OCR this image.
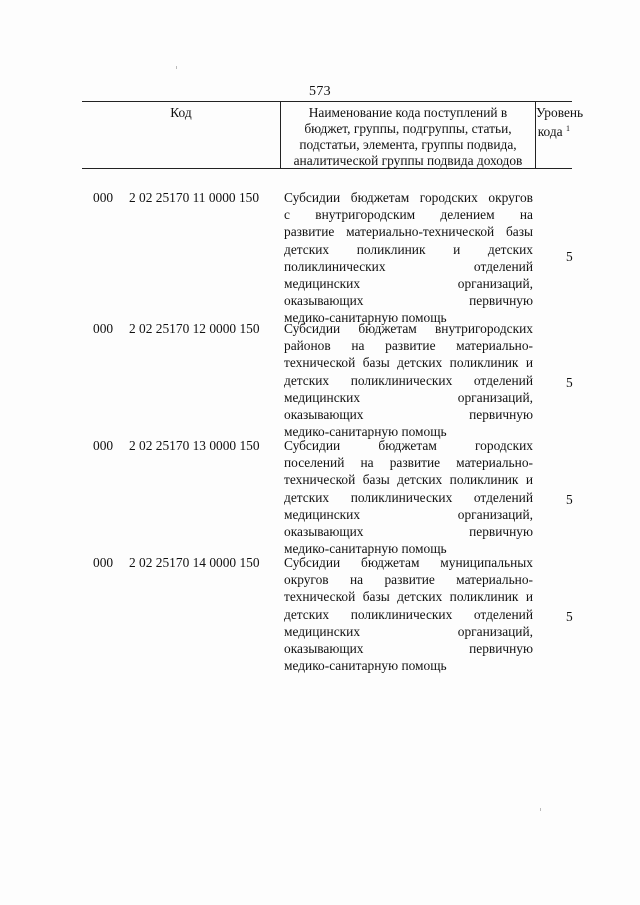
573
Код	Наименование кода поступлений в
бюджет, группы, подгруппы, статьи,
подстатьи, элемента, группы подвида,
аналитической группы подвида доходов
Уровень
кода $^1$
000 2 02 25170 11 0000 150 Субсидии бюджетам городских округов
с внутригородским делением на
развитие материально-технической базы
детских поликлиник и детских
поликлинических отделений
медицинских организаций,
оказывающих первичную
медико-санитарную помощь
5
000 2 02 25170 12 0000 150 Субсидии бюджетам внутригородских
районов на развитие материально-
технической базы детских поликлиник и
детских поликлинических отделений
медицинских организаций,
оказывающих первичную
медико-санитарную помощь
5
000 2 02 25170 13 0000 150 Субсидии бюджетам городских
поселений на развитие материально-
технической базы детских поликлиник и
детских поликлинических отделений
медицинских организаций,
оказывающих первичную
медико-санитарную помощь
5
000 2 02 25170 14 0000 150 Субсидии бюджетам муниципальных
округов на развитие материально-
технической базы детских поликлиник и
детских поликлинических отделений
медицинских организаций,
оказывающих первичную
медико-санитарную помощь
5
